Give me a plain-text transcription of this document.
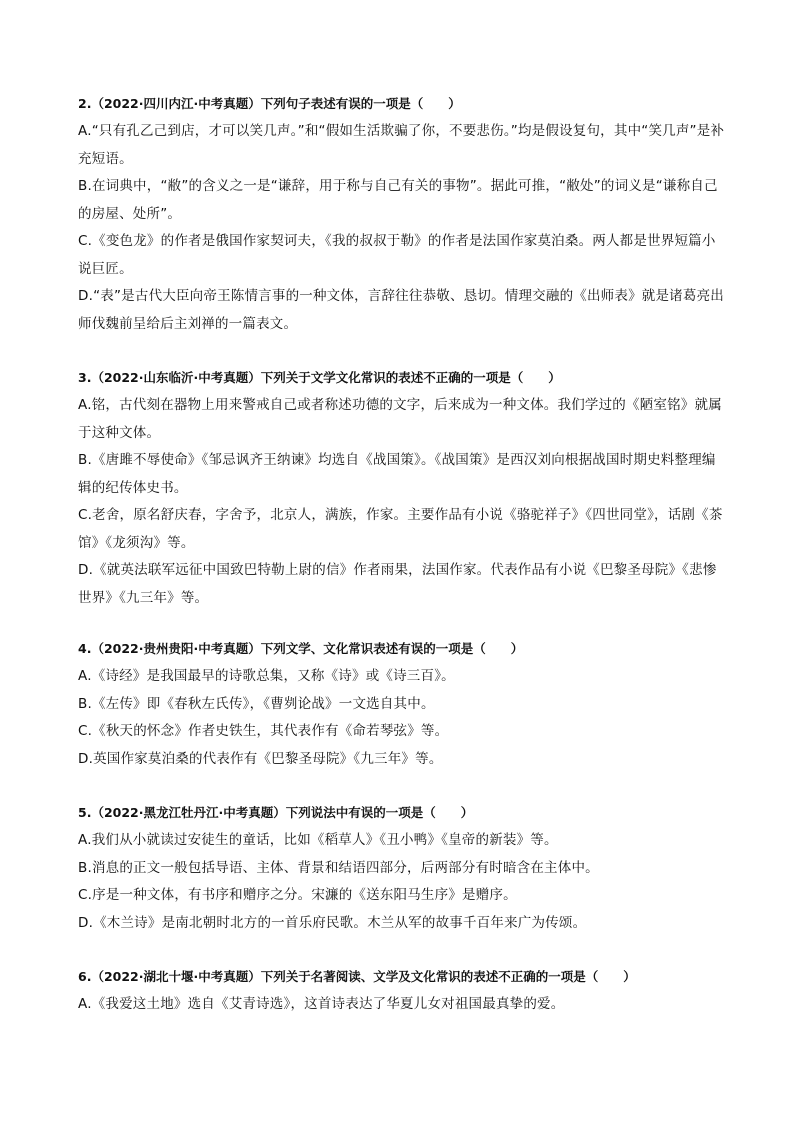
2.（2022·四川内江·中考真题）下列句子表述有误的一项是（　　）
A.“只有孔乙己到店，才可以笑几声。”和“假如生活欺骗了你，不要悲伤。”均是假设复句，其中“笑几声”是补充短语。
B.在词典中，“敝”的含义之一是“谦辞，用于称与自己有关的事物”。据此可推，“敝处”的词义是“谦称自己的房屋、处所”。
C.《变色龙》的作者是俄国作家契诃夫，《我的叔叔于勒》的作者是法国作家莫泊桑。两人都是世界短篇小说巨匠。
D.“表”是古代大臣向帝王陈情言事的一种文体，言辞往往恭敬、恳切。情理交融的《出师表》就是诸葛亮出师伐魏前呈给后主刘禅的一篇表文。
3.（2022·山东临沂·中考真题）下列关于文学文化常识的表述不正确的一项是（　　）
A.铭，古代刻在器物上用来警戒自己或者称述功德的文字，后来成为一种文体。我们学过的《陋室铭》就属于这种文体。
B.《唐雎不辱使命》《邹忌讽齐王纳谏》均选自《战国策》。《战国策》是西汉刘向根据战国时期史料整理编辑的纪传体史书。
C.老舍，原名舒庆春，字舍予，北京人，满族，作家。主要作品有小说《骆驼祥子》《四世同堂》，话剧《茶馆》《龙须沟》等。
D.《就英法联军远征中国致巴特勒上尉的信》作者雨果，法国作家。代表作品有小说《巴黎圣母院》《悲惨世界》《九三年》等。
4.（2022·贵州贵阳·中考真题）下列文学、文化常识表述有误的一项是（　　）
A.《诗经》是我国最早的诗歌总集，又称《诗》或《诗三百》。
B.《左传》即《春秋左氏传》，《曹刿论战》一文选自其中。
C.《秋天的怀念》作者史铁生，其代表作有《命若琴弦》等。
D.英国作家莫泊桑的代表作有《巴黎圣母院》《九三年》等。
5.（2022·黑龙江牡丹江·中考真题）下列说法中有误的一项是（　　）
A.我们从小就读过安徒生的童话，比如《稻草人》《丑小鸭》《皇帝的新装》等。
B.消息的正文一般包括导语、主体、背景和结语四部分，后两部分有时暗含在主体中。
C.序是一种文体，有书序和赠序之分。宋濂的《送东阳马生序》是赠序。
D.《木兰诗》是南北朝时北方的一首乐府民歌。木兰从军的故事千百年来广为传颂。
6.（2022·湖北十堰·中考真题）下列关于名著阅读、文学及文化常识的表述不正确的一项是（　　）
A.《我爱这土地》选自《艾青诗选》，这首诗表达了华夏儿女对祖国最真挚的爱。
